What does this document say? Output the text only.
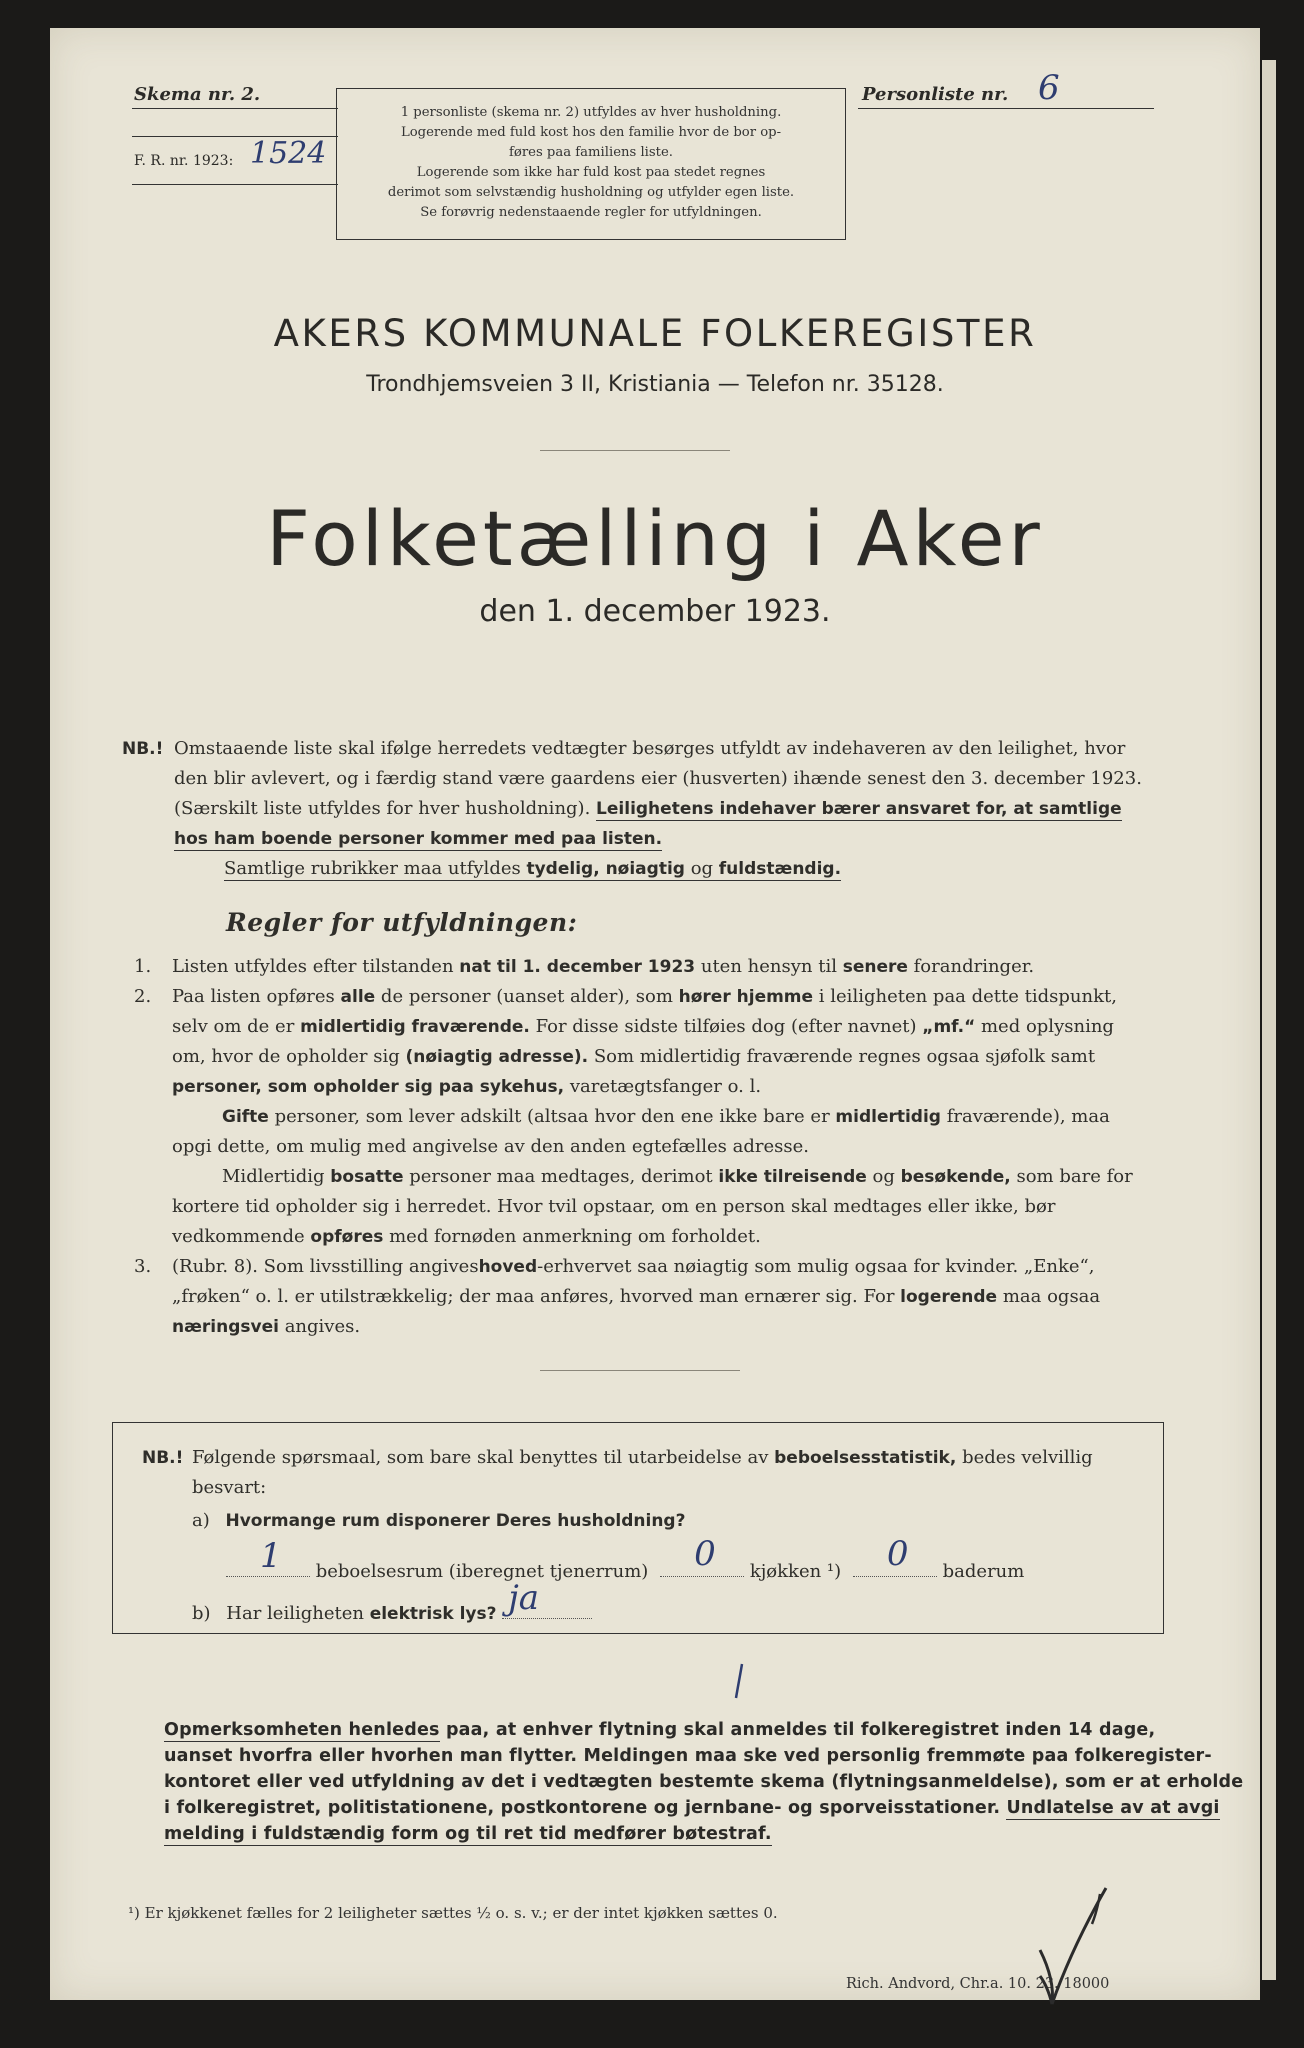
Skema nr. 2.
F. R. nr. 1923: 1524
1 personliste (skema nr. 2) utfyldes av hver husholdning.
Logerende med fuld kost hos den familie hvor de bor op-
føres paa familiens liste.
Logerende som ikke har fuld kost paa stedet regnes
derimot som selvstændig husholdning og utfylder egen liste.
Se forøvrig nedenstaaende regler for utfyldningen.
Personliste nr. 6
AKERS KOMMUNALE FOLKEREGISTER
Trondhjemsveien 3 II, Kristiania — Telefon nr. 35128.
Folketælling i Aker
den 1. december 1923.
NB.! Omstaaende liste skal ifølge herredets vedtægter besørges utfyldt av indehaveren av den leilighet, hvor
den blir avlevert, og i færdig stand være gaardens eier (husverten) ihænde senest den 3. december 1923.
(Særskilt liste utfyldes for hver husholdning). Leilighetens indehaver bærer ansvaret for, at samtlige
hos ham boende personer kommer med paa listen.
Samtlige rubrikker maa utfyldes tydelig, nøiagtig og fuldstændig.
Regler for utfyldningen:
1. Listen utfyldes efter tilstanden nat til 1. december 1923 uten hensyn til senere forandringer.
2. Paa listen opføres alle de personer (uanset alder), som hører hjemme i leiligheten paa dette tidspunkt,
selv om de er midlertidig fraværende. For disse sidste tilføies dog (efter navnet) „mf.“ med oplysning
om, hvor de opholder sig (nøiagtig adresse). Som midlertidig fraværende regnes ogsaa sjøfolk samt
personer, som opholder sig paa sykehus, varetægtsfanger o. l.
Gifte personer, som lever adskilt (altsaa hvor den ene ikke bare er midlertidig fraværende), maa
opgi dette, om mulig med angivelse av den anden egtefælles adresse.
Midlertidig bosatte personer maa medtages, derimot ikke tilreisende og besøkende, som bare for
kortere tid opholder sig i herredet. Hvor tvil opstaar, om en person skal medtages eller ikke, bør
vedkommende opføres med fornøden anmerkning om forholdet.
3. (Rubr. 8). Som livsstilling angiveshoved-erhvervet saa nøiagtig som mulig ogsaa for kvinder. „Enke“,
„frøken“ o. l. er utilstrækkelig; der maa anføres, hvorved man ernærer sig. For logerende maa ogsaa
næringsvei angives.
NB.! Følgende spørsmaal, som bare skal benyttes til utarbeidelse av beboelsesstatistik, bedes velvillig
besvart:
a) Hvormange rum disponerer Deres husholdning?
1 beboelsesrum (iberegnet tjenerrum) 0 kjøkken ¹) 0 baderum
b) Har leiligheten elektrisk lys? ja
Opmerksomheten henledes paa, at enhver flytning skal anmeldes til folkeregistret inden 14 dage,
uanset hvorfra eller hvorhen man flytter. Meldingen maa ske ved personlig fremmøte paa folkeregister-
kontoret eller ved utfyldning av det i vedtægten bestemte skema (flytningsanmeldelse), som er at erholde
i folkeregistret, politistationene, postkontorene og jernbane- og sporveisstationer. Undlatelse av at avgi
melding i fuldstændig form og til ret tid medfører bøtestraf.
¹) Er kjøkkenet fælles for 2 leiligheter sættes ½ o. s. v.; er der intet kjøkken sættes 0.
Rich. Andvord, Chr.a. 10. 23. 18000
